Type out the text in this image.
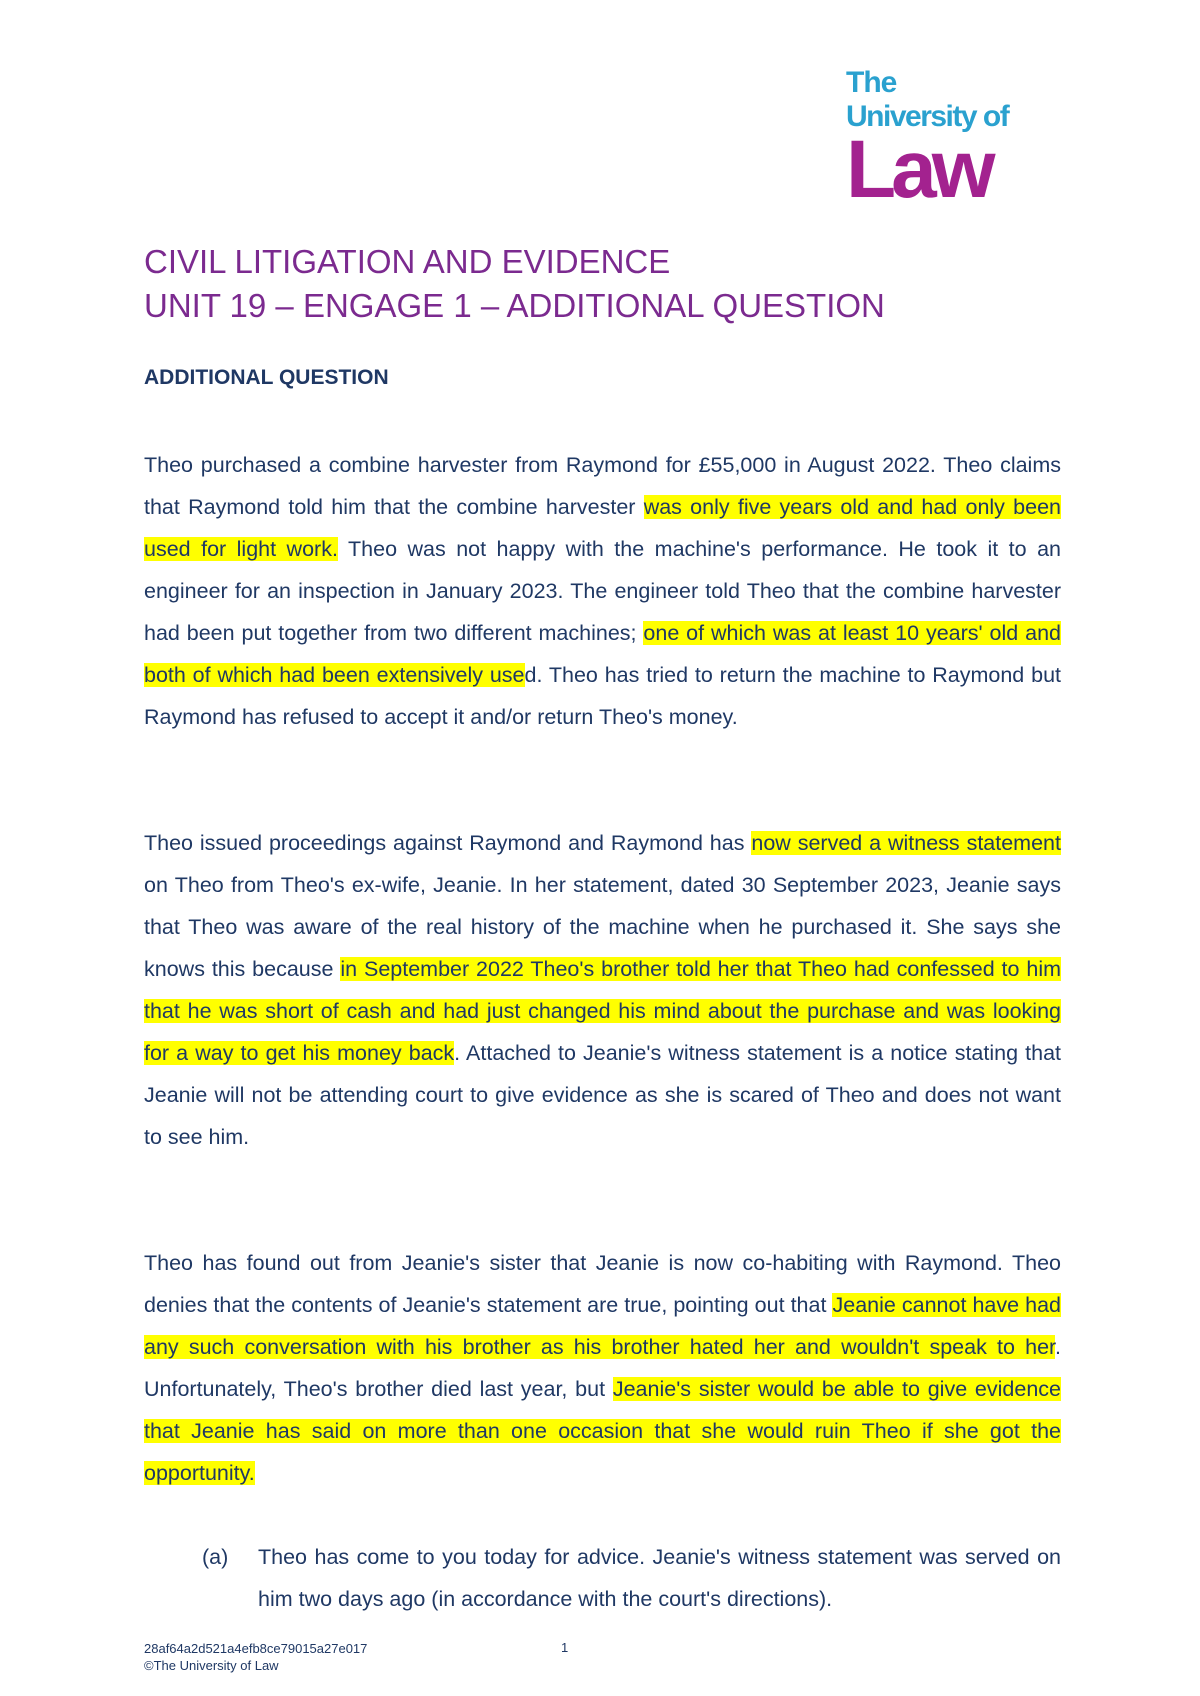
The
University of
Law
CIVIL LITIGATION AND EVIDENCE
UNIT 19 – ENGAGE 1 – ADDITIONAL QUESTION
ADDITIONAL QUESTION
Theo purchased a combine harvester from Raymond for £55,000 in August 2022. Theo claims that Raymond told him that the combine harvester was only five years old and had only been used for light work. Theo was not happy with the machine's performance. He took it to an engineer for an inspection in January 2023. The engineer told Theo that the combine harvester had been put together from two different machines; one of which was at least 10 years' old and both of which had been extensively used. Theo has tried to return the machine to Raymond but Raymond has refused to accept it and/or return Theo's money.
Theo issued proceedings against Raymond and Raymond has now served a witness statement on Theo from Theo's ex-wife, Jeanie. In her statement, dated 30 September 2023, Jeanie says that Theo was aware of the real history of the machine when he purchased it. She says she knows this because in September 2022 Theo's brother told her that Theo had confessed to him that he was short of cash and had just changed his mind about the purchase and was looking for a way to get his money back. Attached to Jeanie's witness statement is a notice stating that Jeanie will not be attending court to give evidence as she is scared of Theo and does not want to see him.
Theo has found out from Jeanie's sister that Jeanie is now co-habiting with Raymond. Theo denies that the contents of Jeanie's statement are true, pointing out that Jeanie cannot have had any such conversation with his brother as his brother hated her and wouldn't speak to her. Unfortunately, Theo's brother died last year, but Jeanie's sister would be able to give evidence that Jeanie has said on more than one occasion that she would ruin Theo if she got the opportunity.
(a) Theo has come to you today for advice. Jeanie's witness statement was served on him two days ago (in accordance with the court's directions).
28af64a2d521a4efb8ce79015a27e017
©The University of Law
1
